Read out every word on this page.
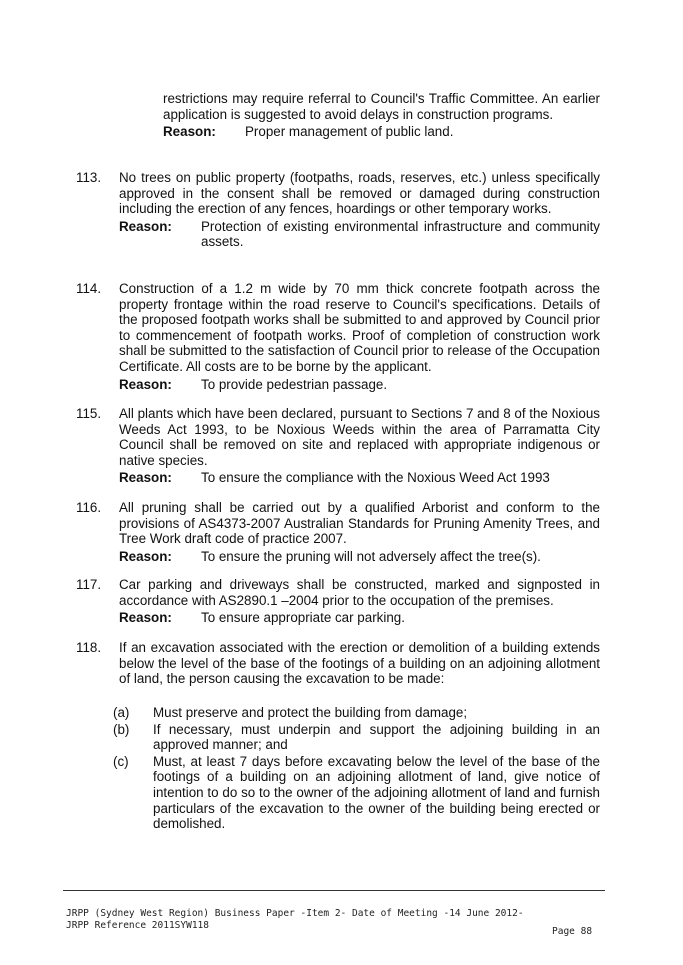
restrictions may require referral to Council's Traffic Committee. An earlier application is suggested to avoid delays in construction programs.
Reason:	Proper management of public land.
113. No trees on public property (footpaths, roads, reserves, etc.) unless specifically approved in the consent shall be removed or damaged during construction including the erection of any fences, hoardings or other temporary works.
Reason:	Protection of existing environmental infrastructure and community assets.
114. Construction of a 1.2 m wide by 70 mm thick concrete footpath across the property frontage within the road reserve to Council's specifications. Details of the proposed footpath works shall be submitted to and approved by Council prior to commencement of footpath works. Proof of completion of construction work shall be submitted to the satisfaction of Council prior to release of the Occupation Certificate. All costs are to be borne by the applicant.
Reason:	To provide pedestrian passage.
115. All plants which have been declared, pursuant to Sections 7 and 8 of the Noxious Weeds Act 1993, to be Noxious Weeds within the area of Parramatta City Council shall be removed on site and replaced with appropriate indigenous or native species.
Reason:	To ensure the compliance with the Noxious Weed Act 1993
116. All pruning shall be carried out by a qualified Arborist and conform to the provisions of AS4373-2007 Australian Standards for Pruning Amenity Trees, and Tree Work draft code of practice 2007.
Reason:	To ensure the pruning will not adversely affect the tree(s).
117. Car parking and driveways shall be constructed, marked and signposted in accordance with AS2890.1 –2004 prior to the occupation of the premises.
Reason:	To ensure appropriate car parking.
118. If an excavation associated with the erection or demolition of a building extends below the level of the base of the footings of a building on an adjoining allotment of land, the person causing the excavation to be made:
(a)	Must preserve and protect the building from damage;
(b)	If necessary, must underpin and support the adjoining building in an approved manner; and
(c)	Must, at least 7 days before excavating below the level of the base of the footings of a building on an adjoining allotment of land, give notice of intention to do so to the owner of the adjoining allotment of land and furnish particulars of the excavation to the owner of the building being erected or demolished.
JRPP (Sydney West Region) Business Paper -Item 2- Date of Meeting -14 June 2012-
JRPP Reference 2011SYW118
Page 88
